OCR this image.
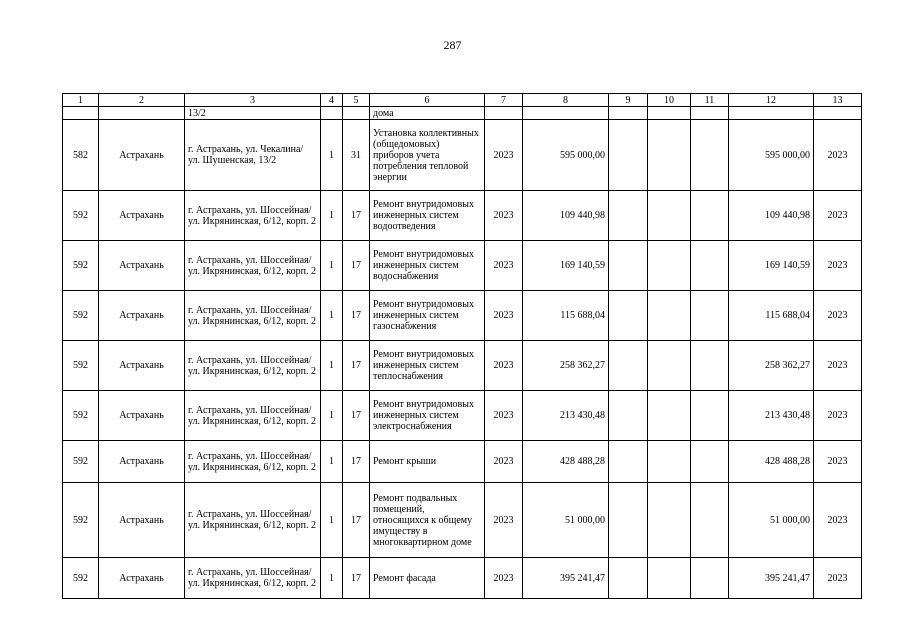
287
1	2	3	4	5	6	7	8	9	10	11	12	13
		13/2			дома							
582	Астрахань	г. Астрахань, ул. Чекалина/ ул. Шушенская, 13/2	1	31	Установка коллективных (общедомовых) приборов учета потребления тепловой энергии	2023	595 000,00				595 000,00	2023
592	Астрахань	г. Астрахань, ул. Шоссейная/ ул. Икрянинская, 6/12, корп. 2	1	17	Ремонт внутридомовых инженерных систем водоотведения	2023	109 440,98				109 440,98	2023
592	Астрахань	г. Астрахань, ул. Шоссейная/ ул. Икрянинская, 6/12, корп. 2	1	17	Ремонт внутридомовых инженерных систем водоснабжения	2023	169 140,59				169 140,59	2023
592	Астрахань	г. Астрахань, ул. Шоссейная/ ул. Икрянинская, 6/12, корп. 2	1	17	Ремонт внутридомовых инженерных систем газоснабжения	2023	115 688,04				115 688,04	2023
592	Астрахань	г. Астрахань, ул. Шоссейная/ ул. Икрянинская, 6/12, корп. 2	1	17	Ремонт внутридомовых инженерных систем теплоснабжения	2023	258 362,27				258 362,27	2023
592	Астрахань	г. Астрахань, ул. Шоссейная/ ул. Икрянинская, 6/12, корп. 2	1	17	Ремонт внутридомовых инженерных систем электроснабжения	2023	213 430,48				213 430,48	2023
592	Астрахань	г. Астрахань, ул. Шоссейная/ ул. Икрянинская, 6/12, корп. 2	1	17	Ремонт крыши	2023	428 488,28				428 488,28	2023
592	Астрахань	г. Астрахань, ул. Шоссейная/ ул. Икрянинская, 6/12, корп. 2	1	17	Ремонт подвальных помещений, относящихся к общему имуществу в многоквартирном доме	2023	51 000,00				51 000,00	2023
592	Астрахань	г. Астрахань, ул. Шоссейная/ ул. Икрянинская, 6/12, корп. 2	1	17	Ремонт фасада	2023	395 241,47				395 241,47	2023
